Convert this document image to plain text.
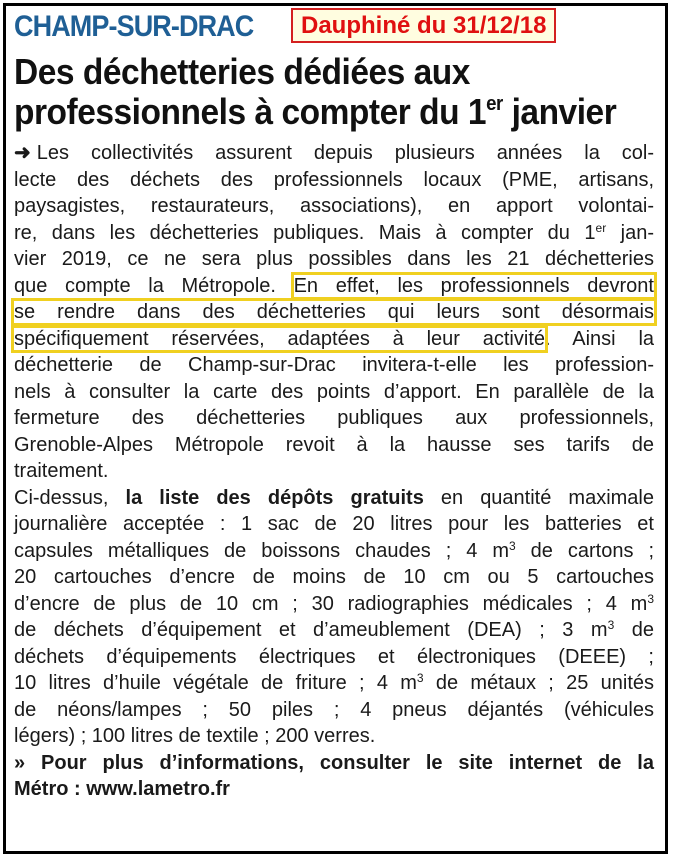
CHAMP-SUR-DRAC	Dauphiné du 31/12/18
Des déchetteries dédiées aux
professionnels à compter du 1er janvier
➜ Les collectivités assurent depuis plusieurs années la col-
lecte des déchets des professionnels locaux (PME, artisans,
paysagistes, restaurateurs, associations), en apport volontai-
re, dans les déchetteries publiques. Mais à compter du 1er jan-
vier 2019, ce ne sera plus possibles dans les 21 déchetteries
que compte la Métropole. En effet, les professionnels devront
se rendre dans des déchetteries qui leurs sont désormais
spécifiquement réservées, adaptées à leur activité. Ainsi la
déchetterie de Champ-sur-Drac invitera-t-elle les profession-
nels à consulter la carte des points d’apport. En parallèle de la
fermeture des déchetteries publiques aux professionnels,
Grenoble-Alpes Métropole revoit à la hausse ses tarifs de
traitement.
Ci-dessus, la liste des dépôts gratuits en quantité maximale
journalière acceptée : 1 sac de 20 litres pour les batteries et
capsules métalliques de boissons chaudes ; 4 $m^3$ de cartons ;
20 cartouches d’encre de moins de 10 cm ou 5 cartouches
d’encre de plus de 10 cm ; 30 radiographies médicales ; 4 $m^3$
de déchets d’équipement et d’ameublement (DEA) ; 3 $m^3$ de
déchets d’équipements électriques et électroniques (DEEE) ;
10 litres d’huile végétale de friture ; 4 $m^3$ de métaux ; 25 unités
de néons/lampes ; 50 piles ; 4 pneus déjantés (véhicules
légers) ; 100 litres de textile ; 200 verres.
» Pour plus d’informations, consulter le site internet de la
Métro : www.lametro.fr
